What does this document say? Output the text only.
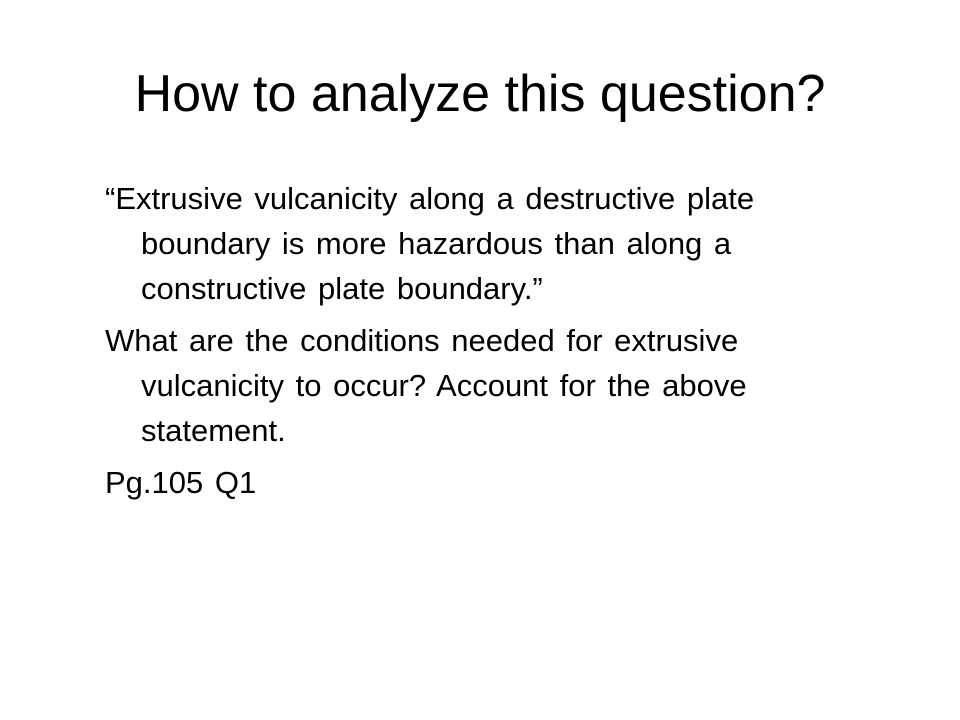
How to analyze this question?
“Extrusive vulcanicity along a destructive plate boundary is more hazardous than along a constructive plate boundary.”
What are the conditions needed for extrusive vulcanicity to occur? Account for the above statement.
Pg.105 Q1
